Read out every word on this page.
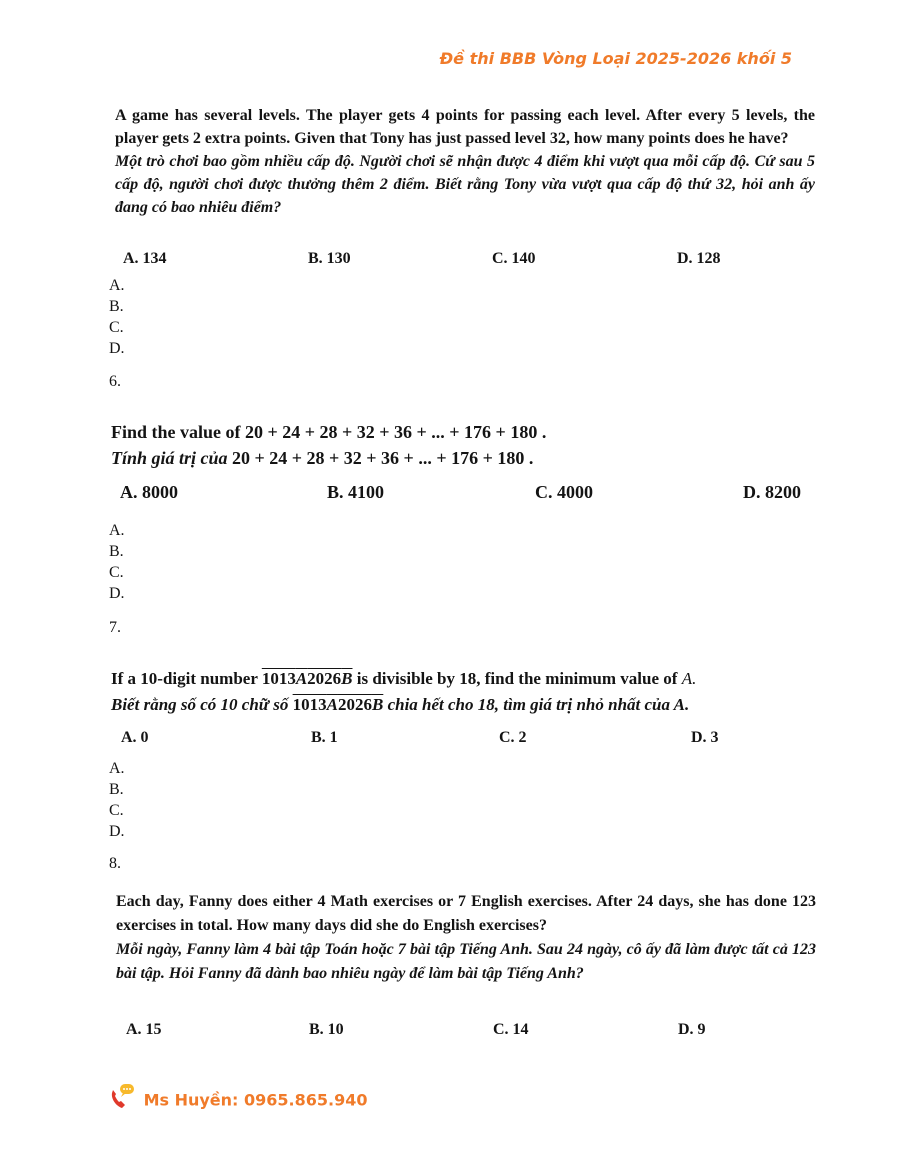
Đề thi BBB Vòng Loại 2025-2026 khối 5
A game has several levels. The player gets 4 points for passing each level. After every 5 levels, the player gets 2 extra points. Given that Tony has just passed level 32, how many points does he have?
Một trò chơi bao gồm nhiều cấp độ. Người chơi sẽ nhận được 4 điểm khi vượt qua mỗi cấp độ. Cứ sau 5 cấp độ, người chơi được thưởng thêm 2 điểm. Biết rằng Tony vừa vượt qua cấp độ thứ 32, hỏi anh ấy đang có bao nhiêu điểm?
A. 134	B. 130	C. 140	D. 128
A.
B.
C.
D.
6.
Find the value of 20 + 24 + 28 + 32 + 36 + ... + 176 + 180 .
Tính giá trị của 20 + 24 + 28 + 32 + 36 + ... + 176 + 180 .
A. 8000	B. 4100	C. 4000	D. 8200
A.
B.
C.
D.
7.
If a 10-digit number 1013A2026B is divisible by 18, find the minimum value of A.
Biết rằng số có 10 chữ số 1013A2026B chia hết cho 18, tìm giá trị nhỏ nhất của A.
A. 0	B. 1	C. 2	D. 3
A.
B.
C.
D.
8.
Each day, Fanny does either 4 Math exercises or 7 English exercises. After 24 days, she has done 123 exercises in total. How many days did she do English exercises?
Mỗi ngày, Fanny làm 4 bài tập Toán hoặc 7 bài tập Tiếng Anh. Sau 24 ngày, cô ấy đã làm được tất cả 123 bài tập. Hỏi Fanny đã dành bao nhiêu ngày để làm bài tập Tiếng Anh?
A. 15	B. 10	C. 14	D. 9
Ms Huyền: 0965.865.940
